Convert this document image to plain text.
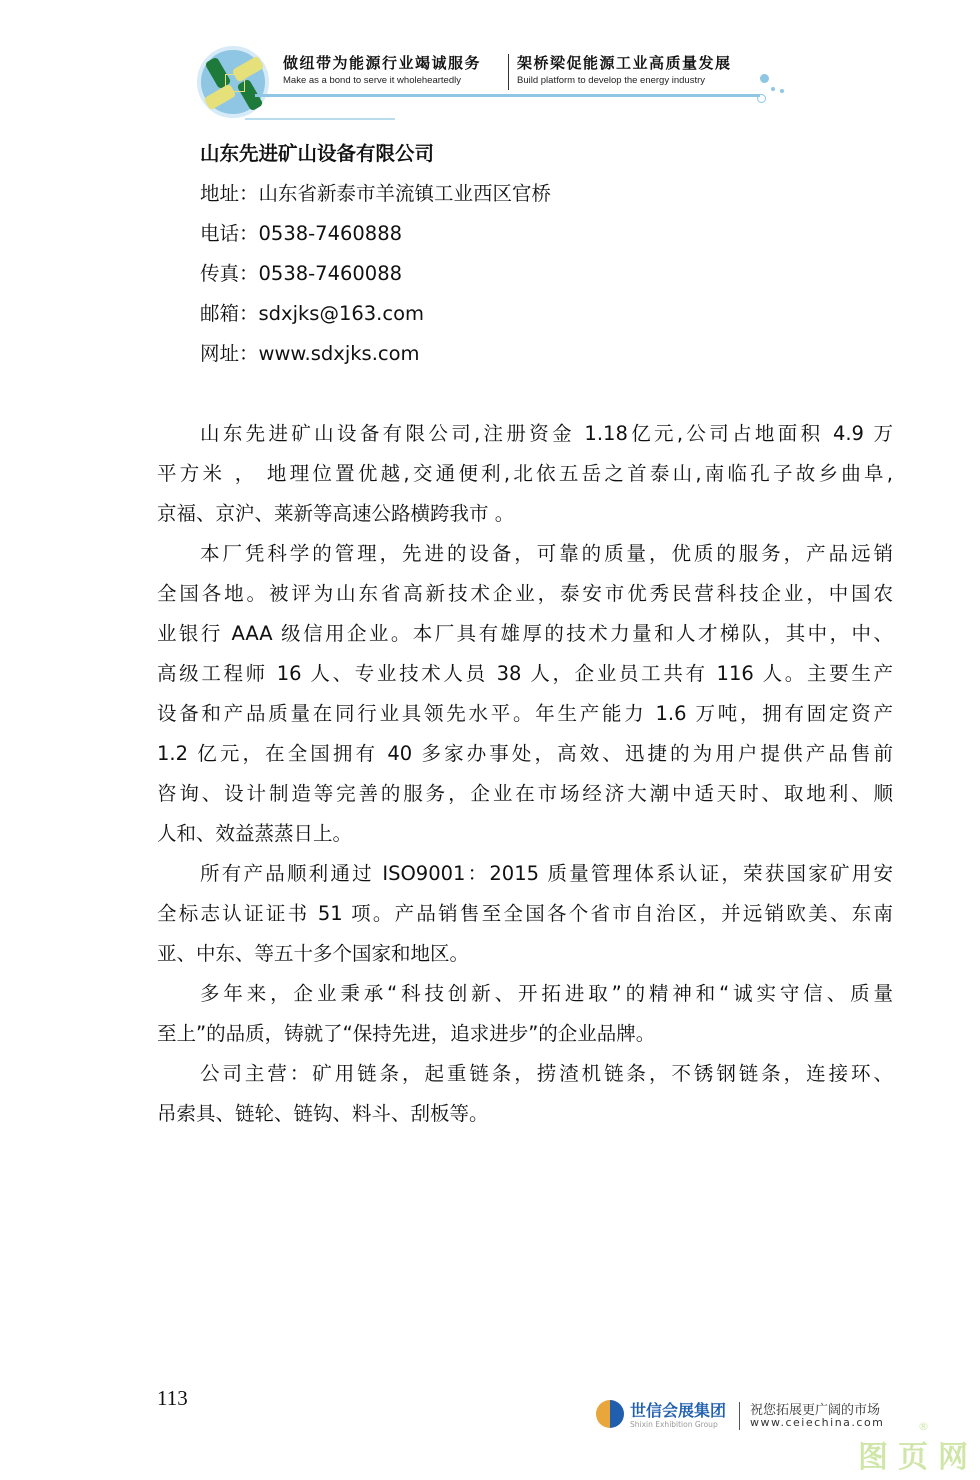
做纽带为能源行业竭诚服务
Make as a bond to serve it wholeheartedly
架桥梁促能源工业高质量发展
Build platform to develop the energy industry
山东先进矿山设备有限公司
地址：山东省新泰市羊流镇工业西区官桥
电话：0538-7460888
传真：0538-7460088
邮箱：sdxjks@163.com
网址：www.sdxjks.com
山东先进矿山设备有限公司,注册资金 1.18亿元,公司占地面积 4.9 万
平方米 ， 地理位置优越,交通便利,北依五岳之首泰山,南临孔子故乡曲阜,
京福、京沪、莱新等高速公路横跨我市 。
本厂凭科学的管理，先进的设备，可靠的质量，优质的服务，产品远销
全国各地。被评为山东省高新技术企业，泰安市优秀民营科技企业，中国农
业银行 AAA 级信用企业。本厂具有雄厚的技术力量和人才梯队，其中，中、
高级工程师 16 人、专业技术人员 38 人，企业员工共有 116 人。主要生产
设备和产品质量在同行业具领先水平。年生产能力 1.6 万吨，拥有固定资产
1.2 亿元，在全国拥有 40 多家办事处，高效、迅捷的为用户提供产品售前
咨询、设计制造等完善的服务，企业在市场经济大潮中适天时、取地利、顺
人和、效益蒸蒸日上。
所有产品顺利通过 ISO9001：2015 质量管理体系认证，荣获国家矿用安
全标志认证证书 51 项。产品销售至全国各个省市自治区，并远销欧美、东南
亚、中东、等五十多个国家和地区。
多年来，企业秉承“科技创新、开拓进取”的精神和“诚实守信、质量
至上”的品质，铸就了“保持先进，追求进步”的企业品牌。
公司主营：矿用链条，起重链条，捞渣机链条，不锈钢链条，连接环、
吊索具、链轮、链钩、料斗、刮板等。
113
世信会展集团
Shixin Exhibition Group
祝您拓展更广阔的市场
www.ceiechina.com
图页网
®
